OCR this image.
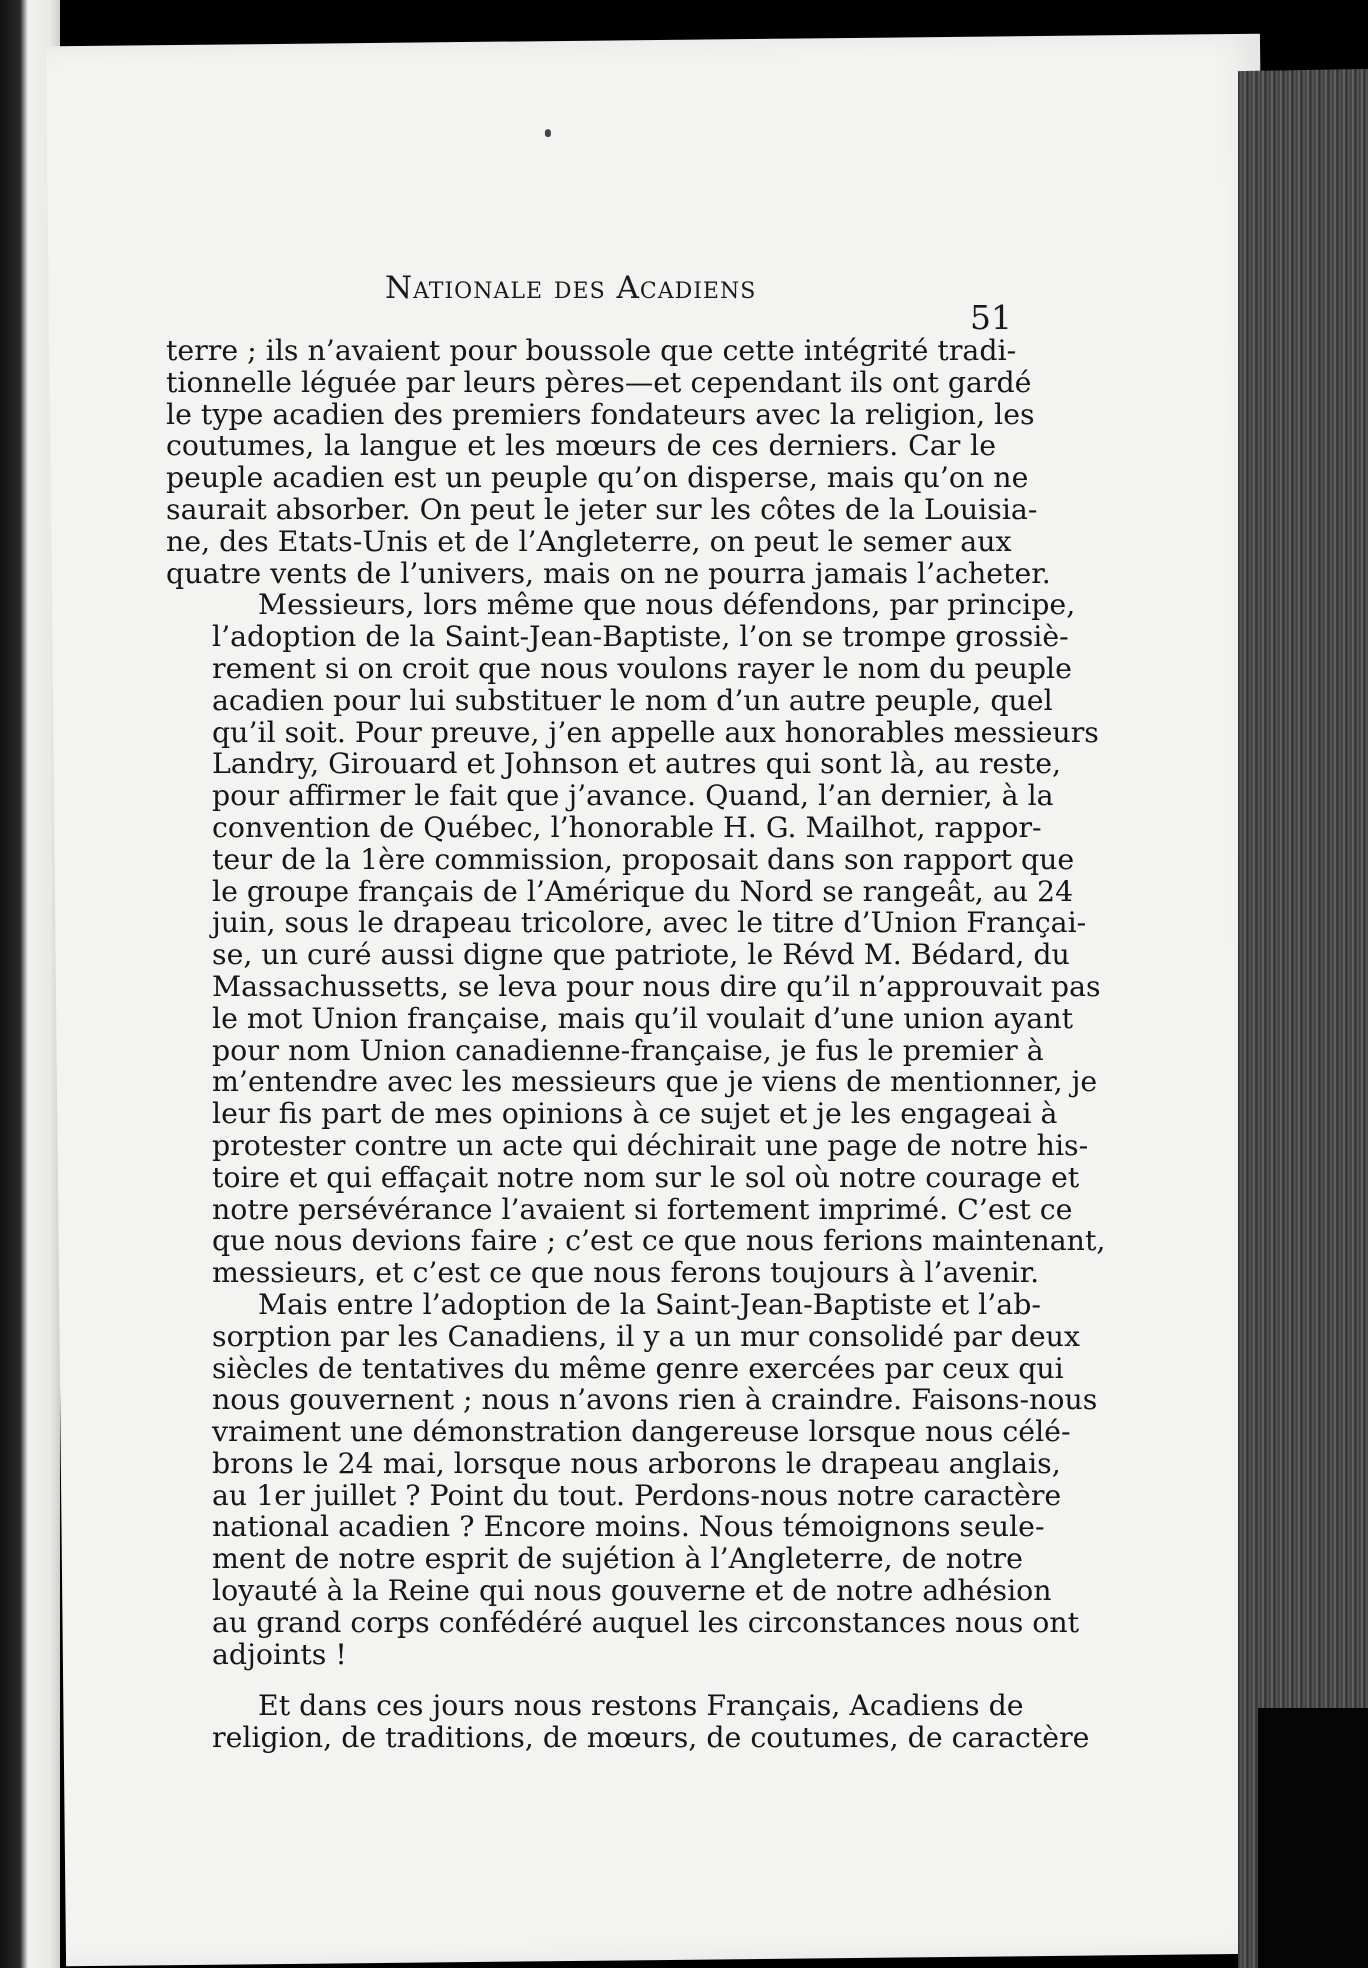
Nationale des Acadiens
51

terre ; ils n’avaient pour boussole que cette intégrité tradi-
tionnelle léguée par leurs pères—et cependant ils ont gardé
le type acadien des premiers fondateurs avec la religion, les
coutumes, la langue et les mœurs de ces derniers. Car le
peuple acadien est un peuple qu’on disperse, mais qu’on ne
saurait absorber. On peut le jeter sur les côtes de la Louisia-
ne, des Etats-Unis et de l’Angleterre, on peut le semer aux
quatre vents de l’univers, mais on ne pourra jamais l’acheter.

Messieurs, lors même que nous défendons, par principe,
l’adoption de la Saint-Jean-Baptiste, l’on se trompe grossiè-
rement si on croit que nous voulons rayer le nom du peuple
acadien pour lui substituer le nom d’un autre peuple, quel
qu’il soit. Pour preuve, j’en appelle aux honorables messieurs
Landry, Girouard et Johnson et autres qui sont là, au reste,
pour affirmer le fait que j’avance. Quand, l’an dernier, à la
convention de Québec, l’honorable H. G. Mailhot, rappor-
teur de la 1ère commission, proposait dans son rapport que
le groupe français de l’Amérique du Nord se rangeât, au 24
juin, sous le drapeau tricolore, avec le titre d’Union Françai-
se, un curé aussi digne que patriote, le Révd M. Bédard, du
Massachussetts, se leva pour nous dire qu’il n’approuvait pas
le mot Union française, mais qu’il voulait d’une union ayant
pour nom Union canadienne-française, je fus le premier à
m’entendre avec les messieurs que je viens de mentionner, je
leur fis part de mes opinions à ce sujet et je les engageai à
protester contre un acte qui déchirait une page de notre his-
toire et qui effaçait notre nom sur le sol où notre courage et
notre persévérance l’avaient si fortement imprimé. C’est ce
que nous devions faire ; c’est ce que nous ferions maintenant,
messieurs, et c’est ce que nous ferons toujours à l’avenir.

Mais entre l’adoption de la Saint-Jean-Baptiste et l’ab-
sorption par les Canadiens, il y a un mur consolidé par deux
siècles de tentatives du même genre exercées par ceux qui
nous gouvernent ; nous n’avons rien à craindre. Faisons-nous
vraiment une démonstration dangereuse lorsque nous célé-
brons le 24 mai, lorsque nous arborons le drapeau anglais,
au 1er juillet ? Point du tout. Perdons-nous notre caractère
national acadien ? Encore moins. Nous témoignons seule-
ment de notre esprit de sujétion à l’Angleterre, de notre
loyauté à la Reine qui nous gouverne et de notre adhésion
au grand corps confédéré auquel les circonstances nous ont
adjoints !

Et dans ces jours nous restons Français, Acadiens de
religion, de traditions, de mœurs, de coutumes, de caractère
